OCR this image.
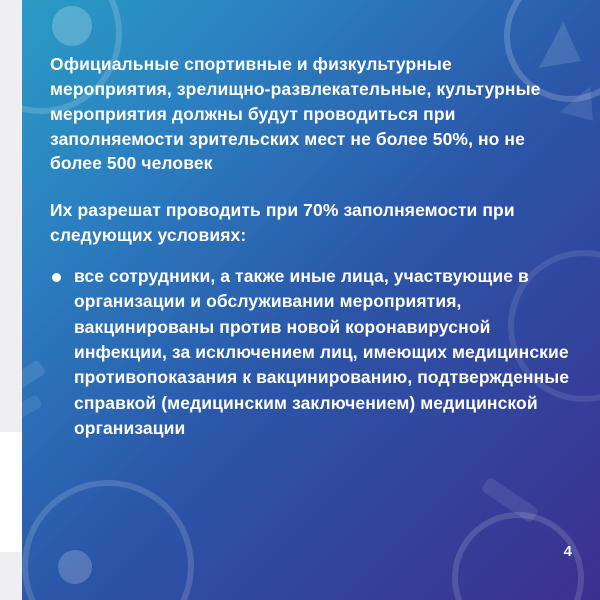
Официальные спортивные и физкультурные мероприятия, зрелищно-развлекательные, культурные мероприятия должны будут проводиться при заполняемости зрительских мест не более 50%, но не более 500 человек

Их разрешат проводить при 70% заполняемости при следующих условиях:

все сотрудники, а также иные лица, участвующие в организации и обслуживании мероприятия, вакцинированы против новой коронавирусной инфекции, за исключением лиц, имеющих медицинские противопоказания к вакцинированию, подтвержденные справкой (медицинским заключением) медицинской организации
4
